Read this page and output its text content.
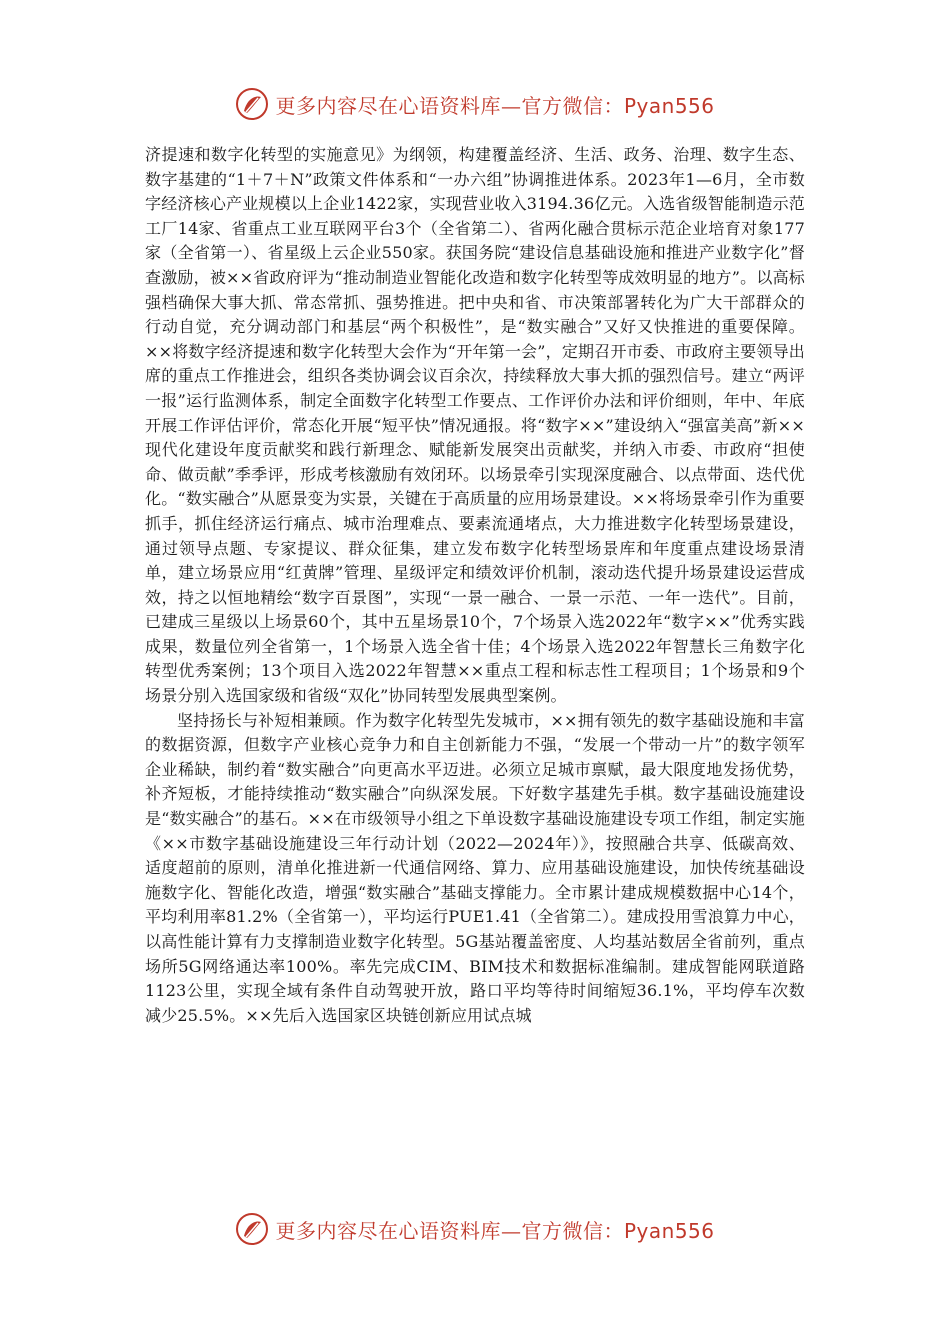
更多内容尽在心语资料库—官方微信：Pyan556

济提速和数字化转型的实施意见》为纲领，构建覆盖经济、生活、政务、治理、数字生态、数字基建的“1＋7＋N”政策文件体系和“一办六组”协调推进体系。2023年1—6月，全市数字经济核心产业规模以上企业1422家，实现营业收入3194.36亿元。入选省级智能制造示范工厂14家、省重点工业互联网平台3个（全省第二）、省两化融合贯标示范企业培育对象177家（全省第一）、省星级上云企业550家。获国务院“建设信息基础设施和推进产业数字化”督查激励，被××省政府评为“推动制造业智能化改造和数字化转型等成效明显的地方”。以高标强档确保大事大抓、常态常抓、强势推进。把中央和省、市决策部署转化为广大干部群众的行动自觉，充分调动部门和基层“两个积极性”，是“数实融合”又好又快推进的重要保障。××将数字经济提速和数字化转型大会作为“开年第一会”，定期召开市委、市政府主要领导出席的重点工作推进会，组织各类协调会议百余次，持续释放大事大抓的强烈信号。建立“两评一报”运行监测体系，制定全面数字化转型工作要点、工作评价办法和评价细则，年中、年底开展工作评估评价，常态化开展“短平快”情况通报。将“数字××”建设纳入“强富美高”新××现代化建设年度贡献奖和践行新理念、赋能新发展突出贡献奖，并纳入市委、市政府“担使命、做贡献”季季评，形成考核激励有效闭环。以场景牵引实现深度融合、以点带面、迭代优化。“数实融合”从愿景变为实景，关键在于高质量的应用场景建设。××将场景牵引作为重要抓手，抓住经济运行痛点、城市治理难点、要素流通堵点，大力推进数字化转型场景建设，通过领导点题、专家提议、群众征集，建立发布数字化转型场景库和年度重点建设场景清单，建立场景应用“红黄牌”管理、星级评定和绩效评价机制，滚动迭代提升场景建设运营成效，持之以恒地精绘“数字百景图”，实现“一景一融合、一景一示范、一年一迭代”。目前，已建成三星级以上场景60个，其中五星场景10个，7个场景入选2022年“数字××”优秀实践成果，数量位列全省第一，1个场景入选全省十佳；4个场景入选2022年智慧长三角数字化转型优秀案例；13个项目入选2022年智慧××重点工程和标志性工程项目；1个场景和9个场景分别入选国家级和省级“双化”协同转型发展典型案例。

坚持扬长与补短相兼顾。作为数字化转型先发城市，××拥有领先的数字基础设施和丰富的数据资源，但数字产业核心竞争力和自主创新能力不强，“发展一个带动一片”的数字领军企业稀缺，制约着“数实融合”向更高水平迈进。必须立足城市禀赋，最大限度地发扬优势，补齐短板，才能持续推动“数实融合”向纵深发展。下好数字基建先手棋。数字基础设施建设是“数实融合”的基石。××在市级领导小组之下单设数字基础设施建设专项工作组，制定实施《××市数字基础设施建设三年行动计划（2022—2024年）》，按照融合共享、低碳高效、适度超前的原则，清单化推进新一代通信网络、算力、应用基础设施建设，加快传统基础设施数字化、智能化改造，增强“数实融合”基础支撑能力。全市累计建成规模数据中心14个，平均利用率81.2%（全省第一），平均运行PUE1.41（全省第二）。建成投用雪浪算力中心，以高性能计算有力支撑制造业数字化转型。5G基站覆盖密度、人均基站数居全省前列，重点场所5G网络通达率100%。率先完成CIM、BIM技术和数据标准编制。建成智能网联道路1123公里，实现全域有条件自动驾驶开放，路口平均等待时间缩短36.1%，平均停车次数减少25.5%。××先后入选国家区块链创新应用试点城

更多内容尽在心语资料库—官方微信：Pyan556
